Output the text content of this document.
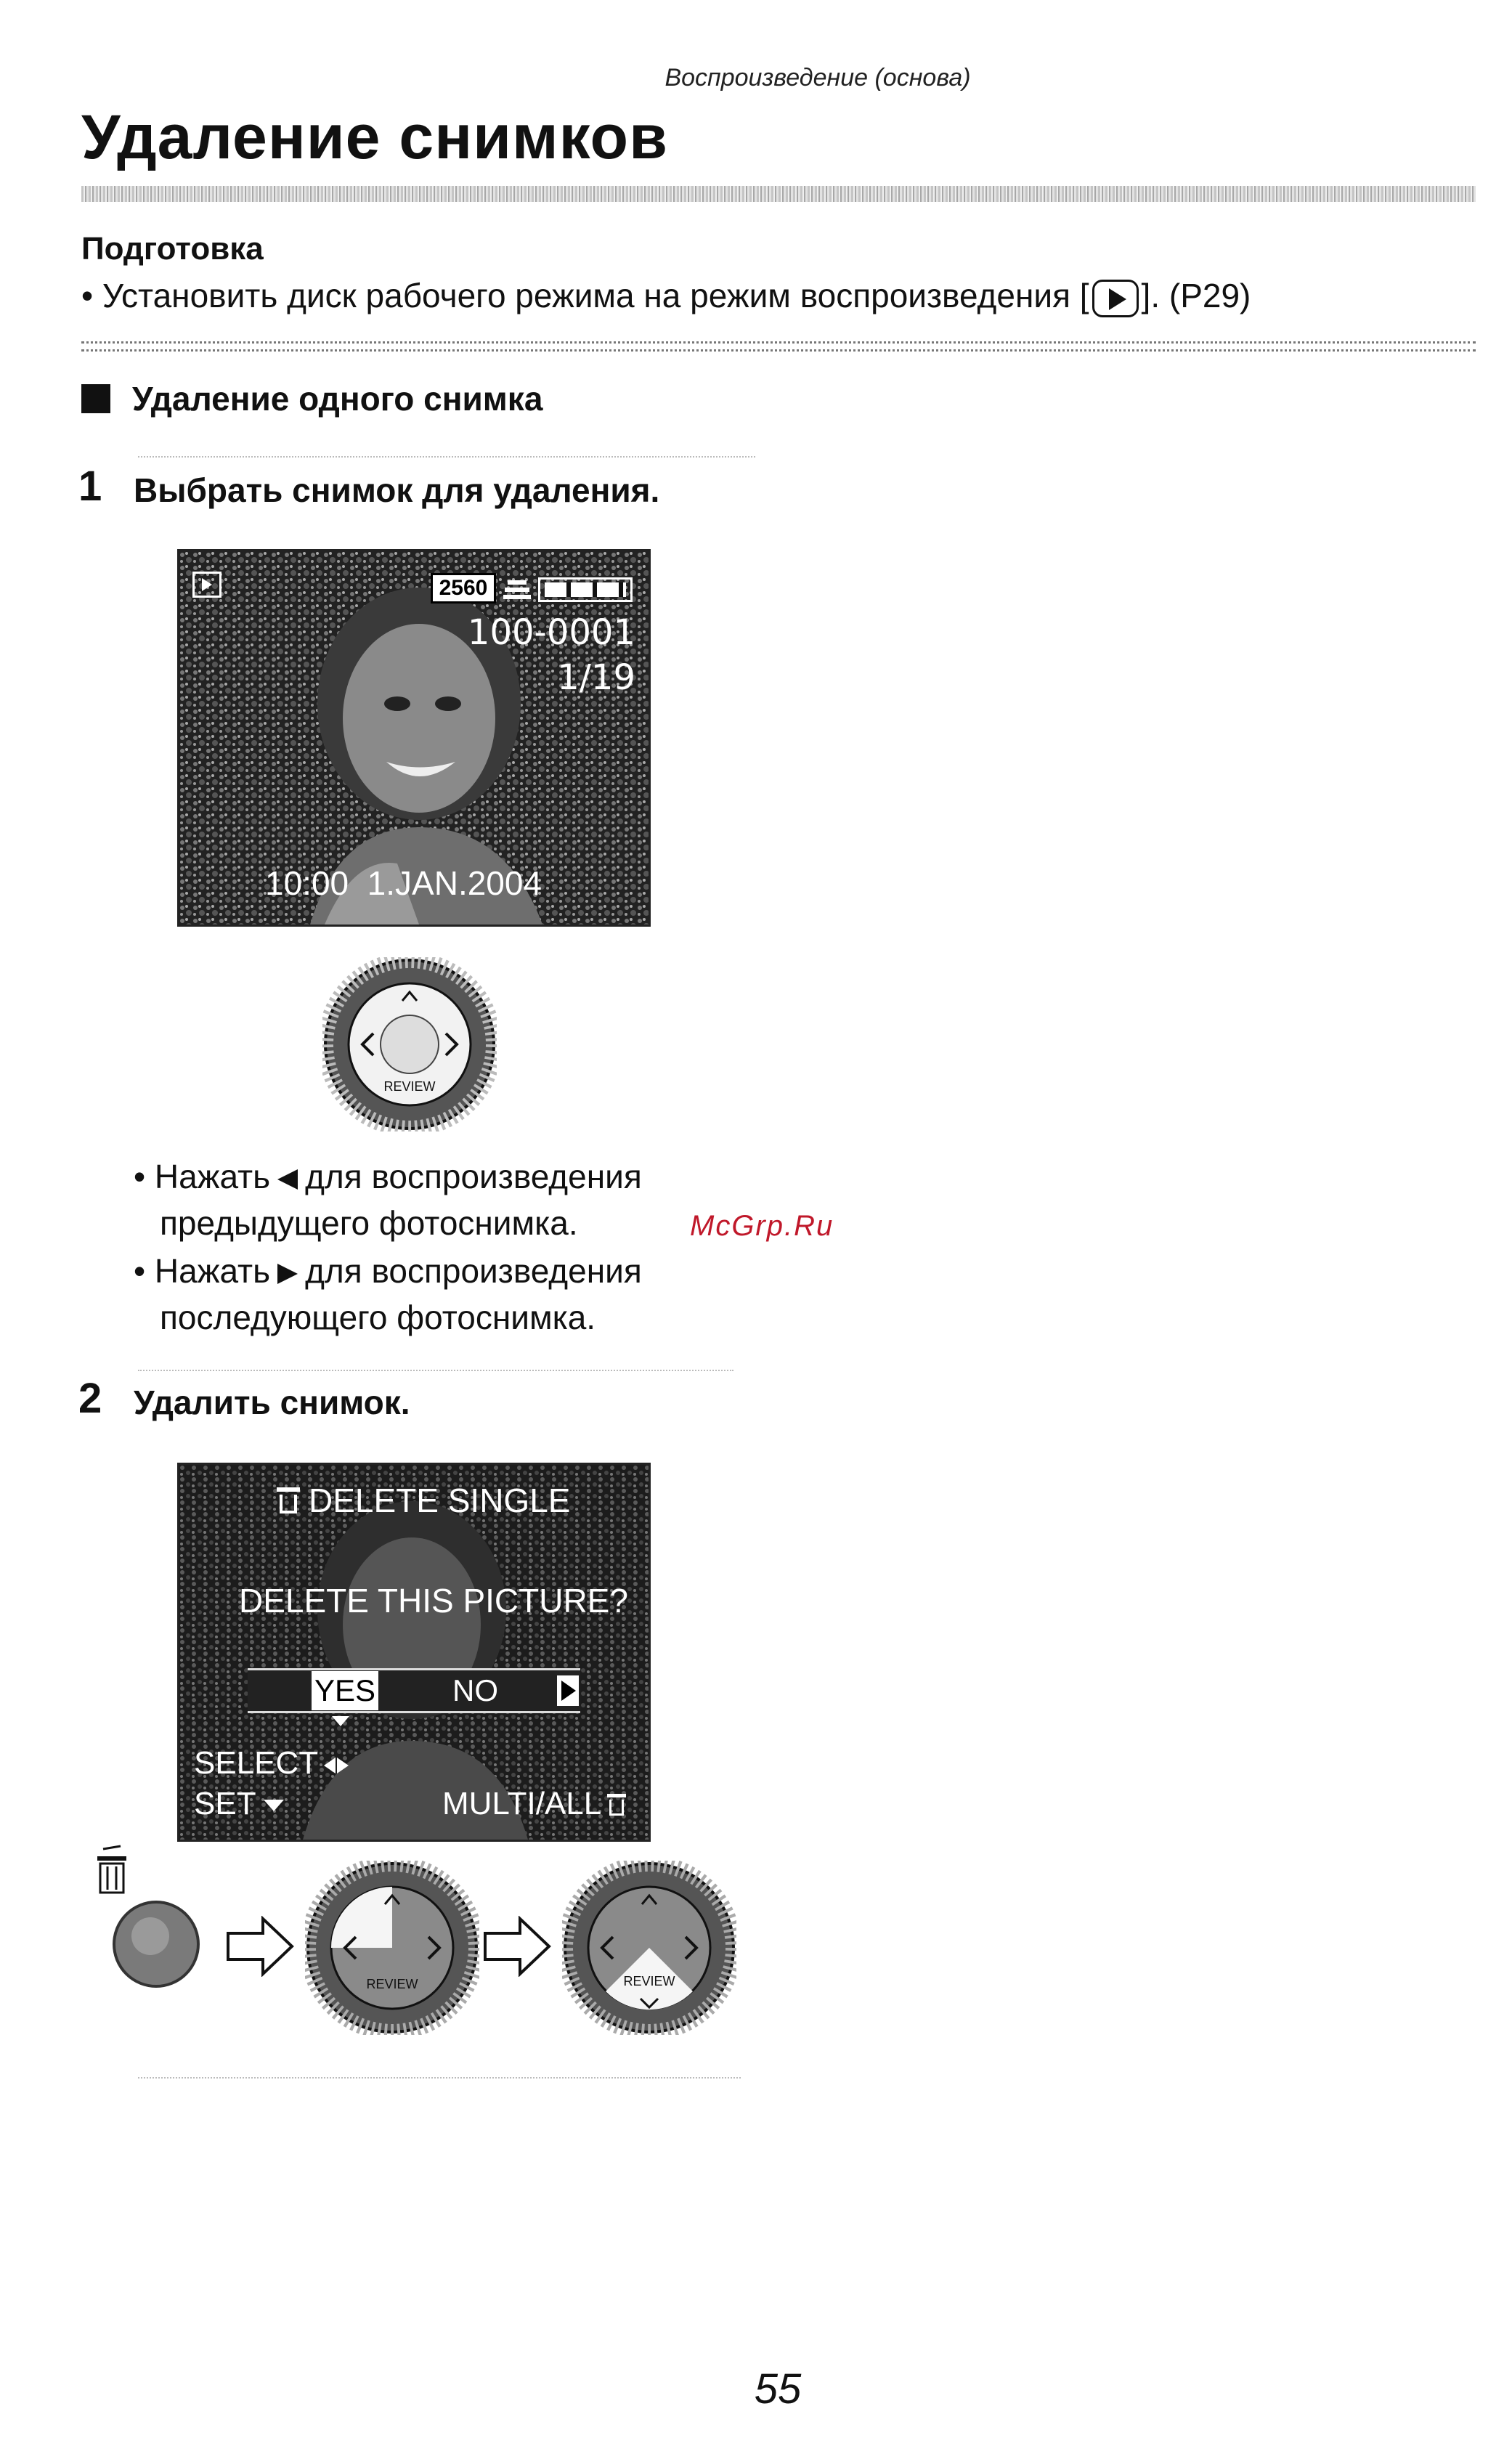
Воспроизведение (основа)
Удаление снимков
Подготовка
• Установить диск рабочего режима на режим воспроизведения [ ]. (P29)
Удаление одного снимка
1 Выбрать снимок для удаления.
2560
100-0001
1/19
10:00  1.JAN.2004
REVIEW
• Нажать для воспроизведения
предыдущего фотоснимка.	McGrp.Ru
• Нажать для воспроизведения
последующего фотоснимка.
2 Удалить снимок.
DELETE SINGLE
DELETE THIS PICTURE?
YES	NO
SELECT
SET	MULTI/ALL
REVIEW	REVIEW
55
